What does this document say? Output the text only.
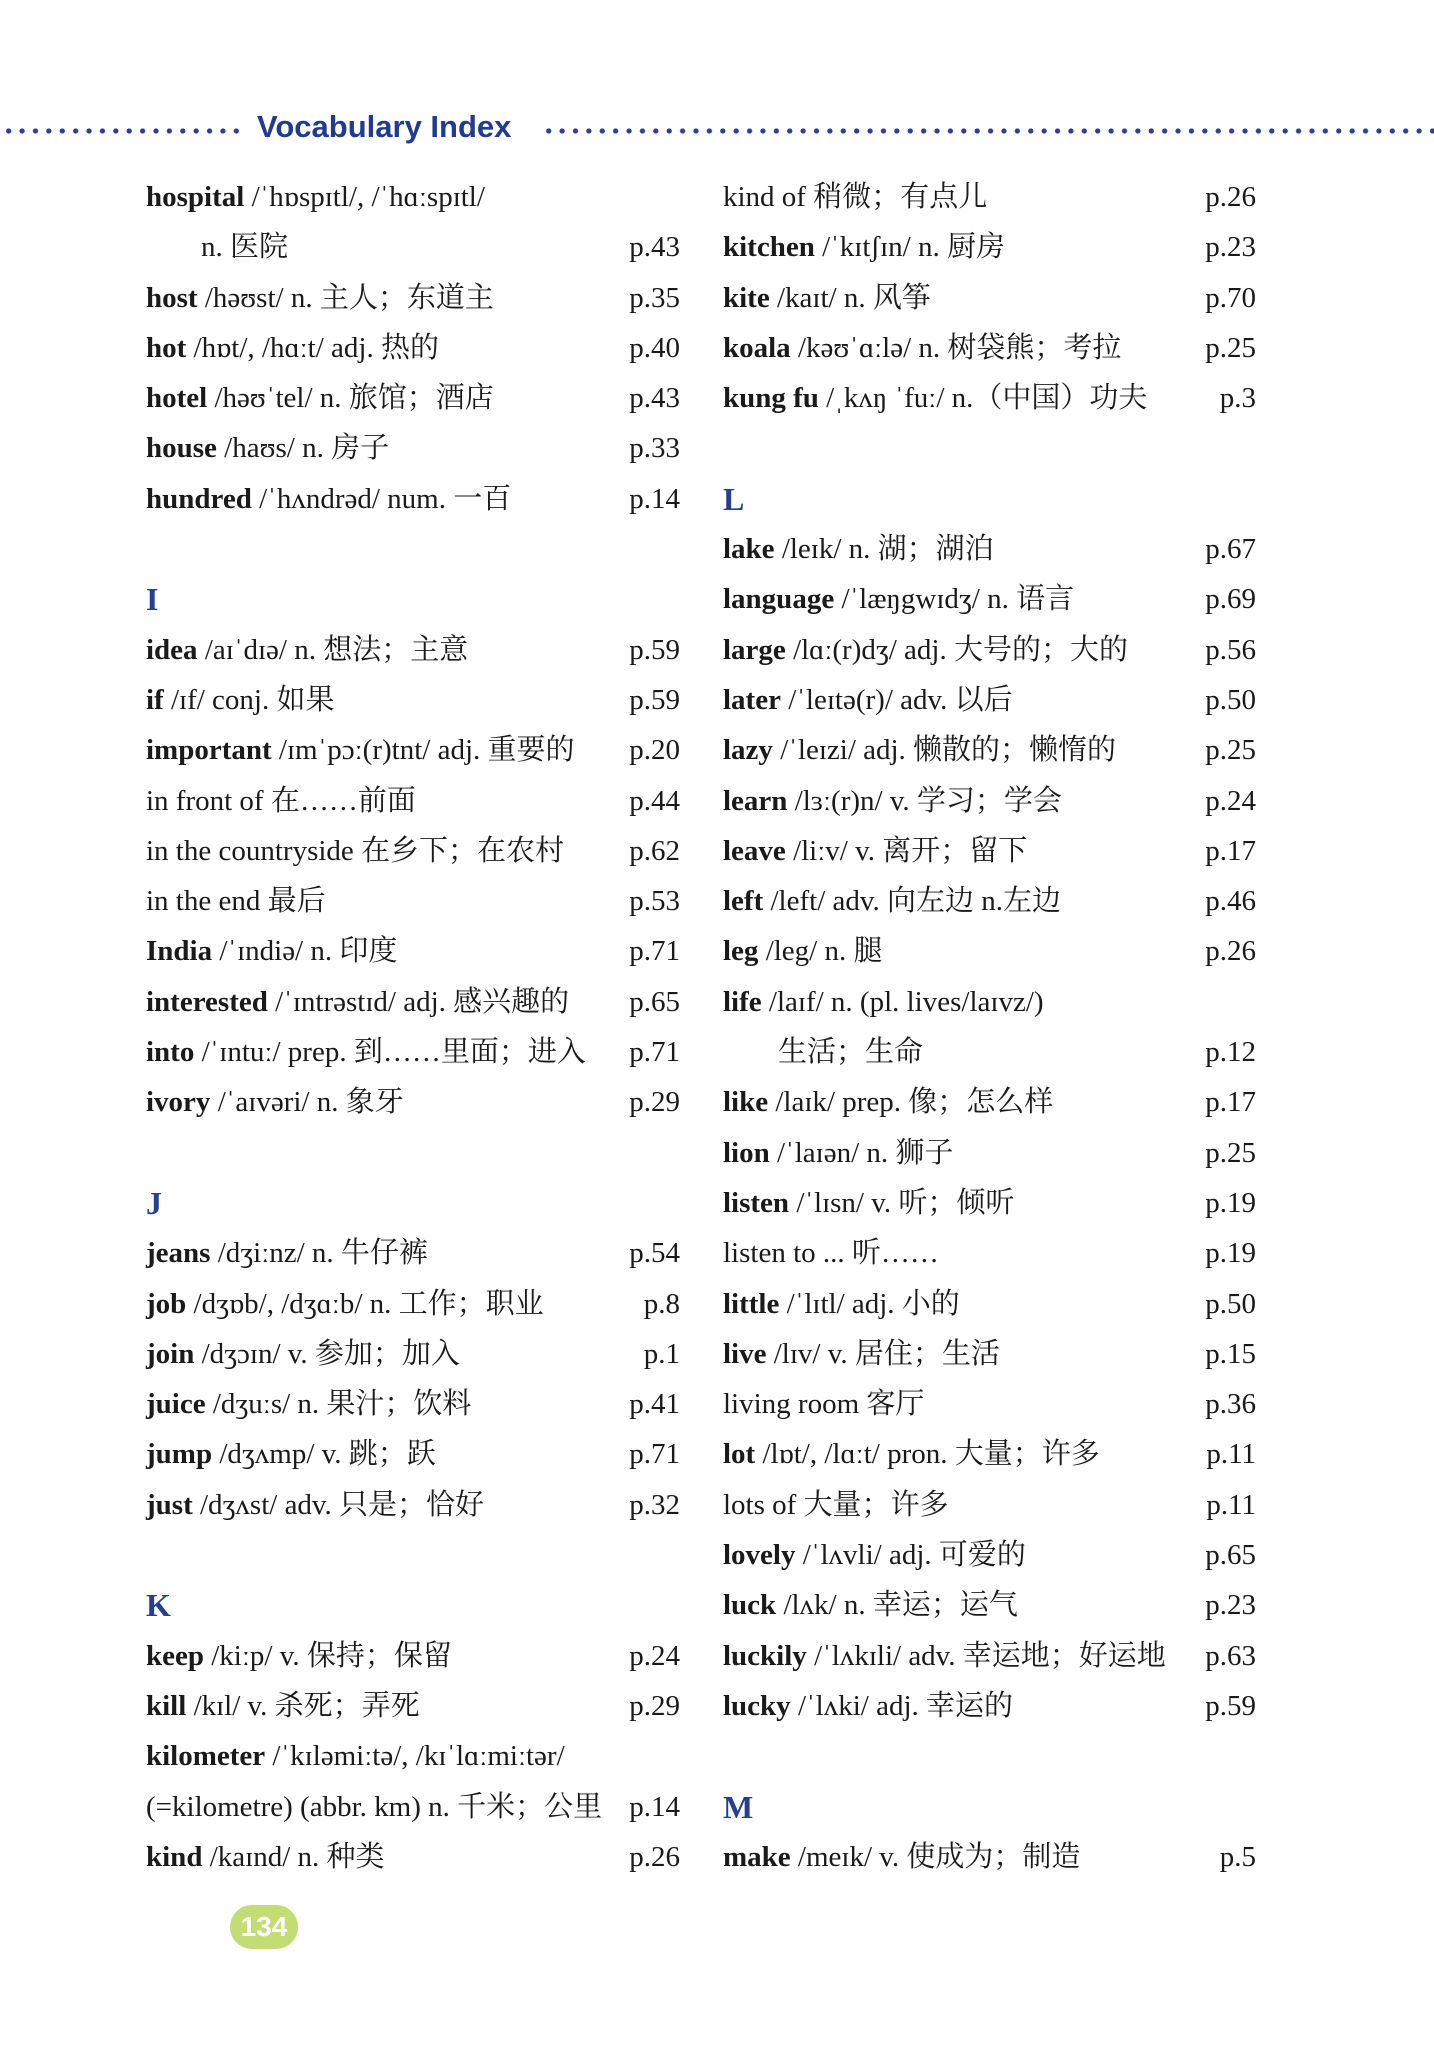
Vocabulary Index
hospital /ˈhɒspɪtl/, /ˈhɑːspɪtl/
n. 医院	p.43
host /həʊst/ n. 主人；东道主	p.35
hot /hɒt/, /hɑːt/ adj. 热的	p.40
hotel /həʊˈtel/ n. 旅馆；酒店	p.43
house /haʊs/ n. 房子	p.33
hundred /ˈhʌndrəd/ num. 一百	p.14
I
idea /aɪˈdɪə/ n. 想法；主意	p.59
if /ɪf/ conj. 如果	p.59
important /ɪmˈpɔː(r)tnt/ adj. 重要的 p.20
in front of 在……前面	p.44
in the countryside 在乡下；在农村 p.62
in the end 最后	p.53
India /ˈɪndiə/ n. 印度	p.71
interested /ˈɪntrəstɪd/ adj. 感兴趣的 p.65
into /ˈɪntuː/ prep. 到……里面；进入 p.71
ivory /ˈaɪvəri/ n. 象牙	p.29
J
jeans /dʒiːnz/ n. 牛仔裤	p.54
job /dʒɒb/, /dʒɑːb/ n. 工作；职业	p.8
join /dʒɔɪn/ v. 参加；加入	p.1
juice /dʒuːs/ n. 果汁；饮料	p.41
jump /dʒʌmp/ v. 跳；跃	p.71
just /dʒʌst/ adv. 只是；恰好	p.32
K
keep /kiːp/ v. 保持；保留	p.24
kill /kɪl/ v. 杀死；弄死	p.29
kilometer /ˈkɪləmiːtə/, /kɪˈlɑːmiːtər/
(=kilometre) (abbr. km) n. 千米；公里 p.14
kind /kaɪnd/ n. 种类	p.26
kind of 稍微；有点儿	p.26
kitchen /ˈkɪtʃɪn/ n. 厨房	p.23
kite /kaɪt/ n. 风筝	p.70
koala /kəʊˈɑːlə/ n. 树袋熊；考拉	p.25
kung fu /ˌkʌŋ ˈfuː/ n.（中国）功夫 p.3
L
lake /leɪk/ n. 湖；湖泊	p.67
language /ˈlæŋgwɪdʒ/ n. 语言	p.69
large /lɑː(r)dʒ/ adj. 大号的；大的	p.56
later /ˈleɪtə(r)/ adv. 以后	p.50
lazy /ˈleɪzi/ adj. 懒散的；懒惰的	p.25
learn /lɜː(r)n/ v. 学习；学会	p.24
leave /liːv/ v. 离开；留下	p.17
left /left/ adv. 向左边 n.左边	p.46
leg /leg/ n. 腿	p.26
life /laɪf/ n. (pl. lives/laɪvz/)
生活；生命	p.12
like /laɪk/ prep. 像；怎么样	p.17
lion /ˈlaɪən/ n. 狮子	p.25
listen /ˈlɪsn/ v. 听；倾听	p.19
listen to ... 听……	p.19
little /ˈlɪtl/ adj. 小的	p.50
live /lɪv/ v. 居住；生活	p.15
living room 客厅	p.36
lot /lɒt/, /lɑːt/ pron. 大量；许多	p.11
lots of 大量；许多	p.11
lovely /ˈlʌvli/ adj. 可爱的	p.65
luck /lʌk/ n. 幸运；运气	p.23
luckily /ˈlʌkɪli/ adv. 幸运地；好运地 p.63
lucky /ˈlʌki/ adj. 幸运的	p.59
M
make /meɪk/ v. 使成为；制造	p.5
134
